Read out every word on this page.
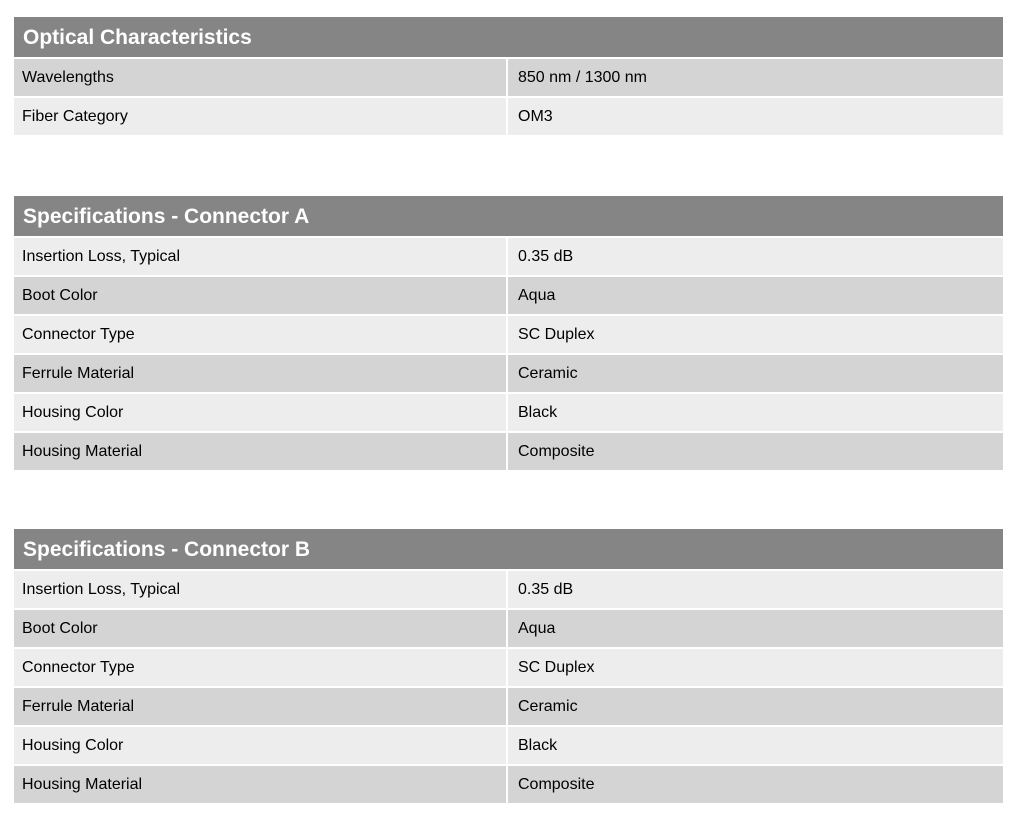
Optical Characteristics
Wavelengths	850 nm / 1300 nm
Fiber Category	OM3
Specifications - Connector A
Insertion Loss, Typical	0.35 dB
Boot Color	Aqua
Connector Type	SC Duplex
Ferrule Material	Ceramic
Housing Color	Black
Housing Material	Composite
Specifications - Connector B
Insertion Loss, Typical	0.35 dB
Boot Color	Aqua
Connector Type	SC Duplex
Ferrule Material	Ceramic
Housing Color	Black
Housing Material	Composite
